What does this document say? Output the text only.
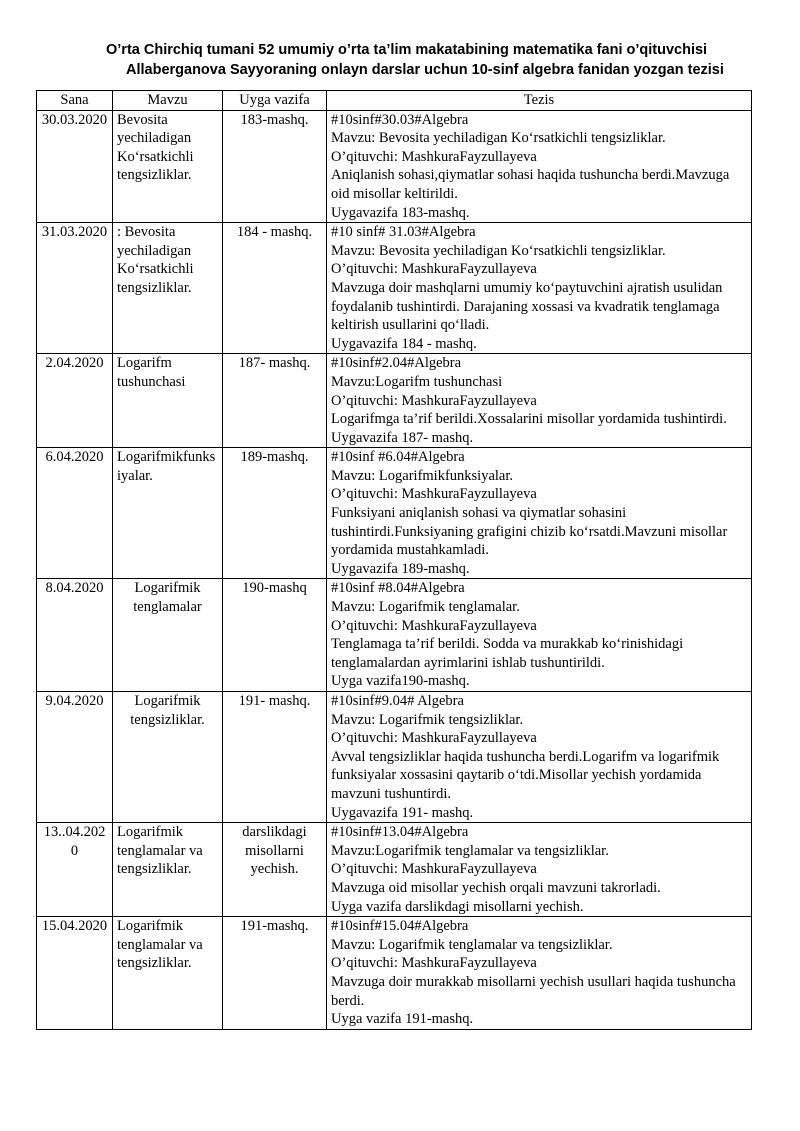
O’rta Chirchiq tumani 52 umumiy o’rta ta’lim makatabining matematika fani o’qituvchisi
Allaberganova Sayyoraning onlayn darslar uchun 10-sinf algebra fanidan yozgan tezisi
Sana	Mavzu	Uyga vazifa	Tezis
30.03.2020	Bevosita yechiladigan Ko‘rsatkichli tengsizliklar.	183-mashq.	#10sinf#30.03#Algebra
Mavzu: Bevosita yechiladigan Ko‘rsatkichli tengsizliklar.
O’qituvchi: MashkuraFayzullayeva
Aniqlanish sohasi,qiymatlar sohasi haqida tushuncha berdi.Mavzuga oid misollar keltirildi.
Uygavazifa 183-mashq.

31.03.2020	: Bevosita yechiladigan Ko‘rsatkichli tengsizliklar.	184 - mashq.	#10 sinf# 31.03#Algebra
Mavzu: Bevosita yechiladigan Ko‘rsatkichli tengsizliklar.
O’qituvchi: MashkuraFayzullayeva
Mavzuga doir mashqlarni umumiy ko‘paytuvchini ajratish usulidan foydalanib tushintirdi. Darajaning xossasi va kvadratik tenglamaga keltirish usullarini qo‘lladi.
Uygavazifa 184 - mashq.

2.04.2020	Logarifm tushunchasi	187- mashq.	#10sinf#2.04#Algebra
Mavzu:Logarifm tushunchasi
O’qituvchi: MashkuraFayzullayeva
Logarifmga ta’rif berildi.Xossalarini misollar yordamida tushintirdi.
Uygavazifa 187- mashq.

6.04.2020	Logarifmikfunksiyalar.	189-mashq.	#10sinf #6.04#Algebra
Mavzu: Logarifmikfunksiyalar.
O’qituvchi: MashkuraFayzullayeva
Funksiyani aniqlanish sohasi va qiymatlar sohasini tushintirdi.Funksiyaning grafigini chizib ko‘rsatdi.Mavzuni misollar yordamida mustahkamladi.
Uygavazifa 189-mashq.

8.04.2020	Logarifmik tenglamalar	190-mashq	#10sinf #8.04#Algebra
Mavzu: Logarifmik tenglamalar.
O’qituvchi: MashkuraFayzullayeva
Tenglamaga ta’rif berildi. Sodda va murakkab ko‘rinishidagi tenglamalardan ayrimlarini ishlab tushuntirildi.
Uyga vazifa190-mashq.

9.04.2020	Logarifmik tengsizliklar.	191- mashq.	#10sinf#9.04# Algebra
Mavzu: Logarifmik tengsizliklar.
O’qituvchi: MashkuraFayzullayeva
Avval tengsizliklar haqida tushuncha berdi.Logarifm va logarifmik funksiyalar xossasini qaytarib o‘tdi.Misollar yechish yordamida mavzuni tushuntirdi.
Uygavazifa 191- mashq.

13..04.2020	Logarifmik tenglamalar va tengsizliklar.	darslikdagi misollarni yechish.	#10sinf#13.04#Algebra
Mavzu:Logarifmik tenglamalar va tengsizliklar.
O’qituvchi: MashkuraFayzullayeva
Mavzuga oid misollar yechish orqali mavzuni takrorladi.
Uyga vazifa darslikdagi misollarni yechish.

15.04.2020	Logarifmik tenglamalar va tengsizliklar.	191-mashq.	#10sinf#15.04#Algebra
Mavzu: Logarifmik tenglamalar va tengsizliklar.
O’qituvchi: MashkuraFayzullayeva
Mavzuga doir murakkab misollarni yechish usullari haqida tushuncha berdi.
Uyga vazifa 191-mashq.
